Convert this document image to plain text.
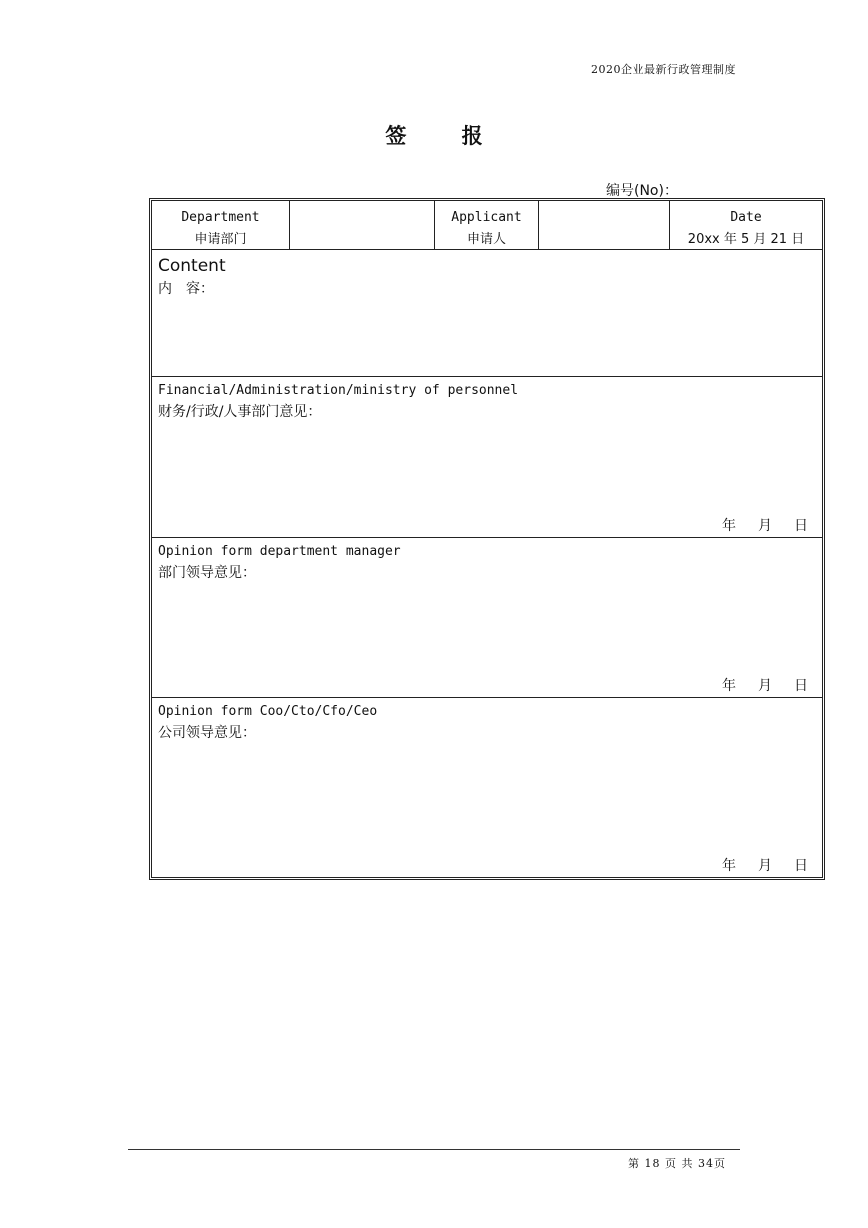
2020企业最新行政管理制度
签	报
编号(No)：
Department
申请部门
Applicant
申请人
Date
20xx 年 5 月 21 日
Content
内　容：
Financial/Administration/ministry of personnel
财务/行政/人事部门意见：
年 月 日
Opinion form department manager
部门领导意见：
年 月 日
Opinion form Coo/Cto/Cfo/Ceo
公司领导意见：
年 月 日
第 18 页 共 34页
